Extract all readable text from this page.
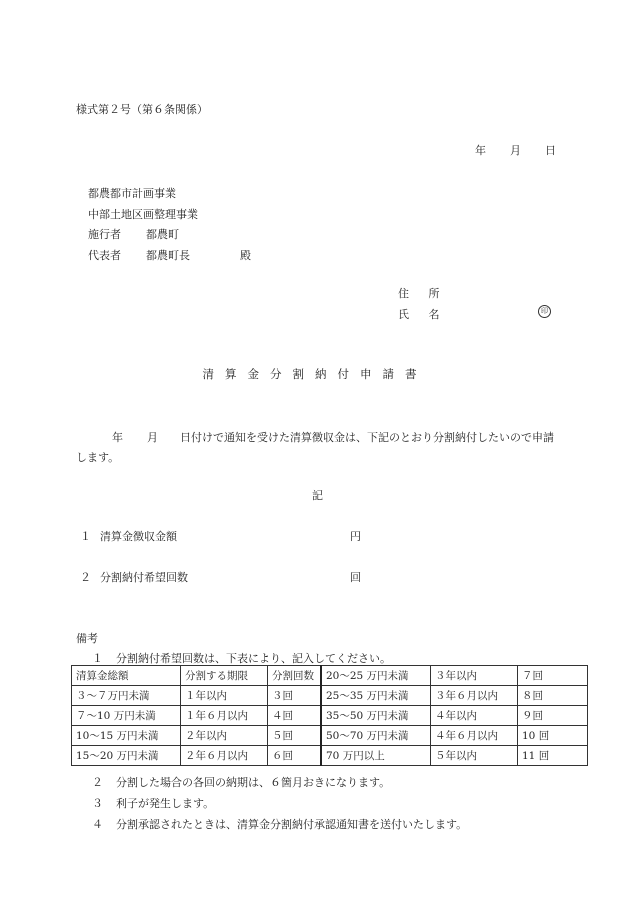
様式第２号（第６条関係）
年 月 日
都農都市計画事業
中部土地区画整理事業
施行者	都農町
代表者	都農町長	殿
住 所
氏 名	印
清算金分割納付申請書
年 月 日付けで通知を受けた清算徴収金は、下記のとおり分割納付したいので申請します。
記
１ 清算金徴収金額	円
２ 分割納付希望回数	回
備考
１ 分割納付希望回数は、下表により、記入してください。
清算金総額	分割する期限	分割回数	20～25 万円未満	３年以内	７回
３～７万円未満	１年以内	３回	25～35 万円未満	３年６月以内	８回
７～10 万円未満	１年６月以内	４回	35～50 万円未満	４年以内	９回
10～15 万円未満	２年以内	５回	50～70 万円未満	４年６月以内	10 回
15～20 万円未満	２年６月以内	６回	70 万円以上	５年以内	11 回
２ 分割した場合の各回の納期は、６箇月おきになります。
３ 利子が発生します。
４ 分割承認されたときは、清算金分割納付承認通知書を送付いたします。
